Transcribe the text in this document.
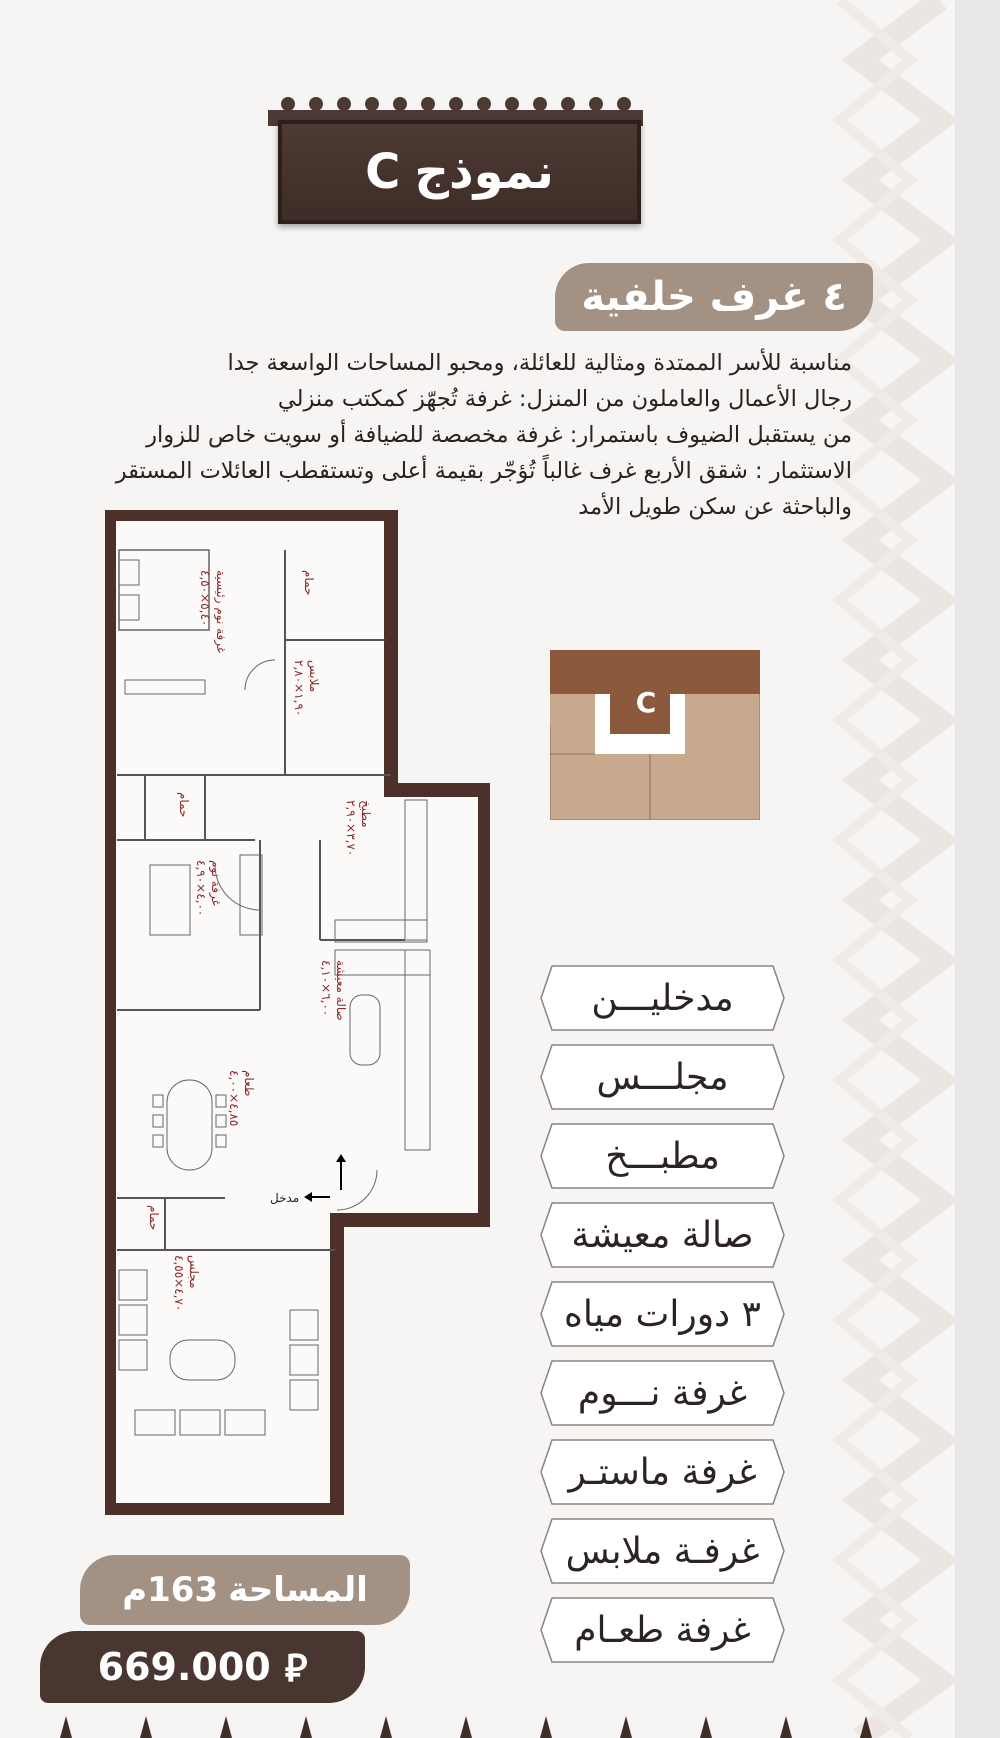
نموذج
C
٤ غرف خلفية

مناسبة للأسر الممتدة ومثالية للعائلة، ومحبو المساحات الواسعة جدا

رجال الأعمال والعاملون من المنزل: غرفة تُجهّز كمكتب منزلي

من يستقبل الضيوف باستمرار: غرفة مخصصة للضيافة أو سويت خاص للزوار

الاستثمار : شقق الأربع غرف غالباً تُؤجّر بقيمة أعلى وتستقطب العائلات المستقر

والباحثة عن سكن طويل الأمد

مدخل
غرفة نوم رئيسية
٥,٤٠×٤,٥٠
حمام
ملابس
١,٩٠×٢,٨٠
حمام
غرفة نوم
٤,٠٠×٤,٩٠
مطبخ
٣,٧٠×٢,٩٠
صالة معيشة
٦,٠٠×٤,١٠
طعام
٤,٨٥×٤,٠٠
حمام
مجلس
٤,٧٠×٤,٥٥
C
مدخليـــن
مجلـــس
مطبـــخ
صالة معيشة
٣ دورات مياه
غرفة نـــوم
غرفة ماستـر
غرفـة ملابس
غرفة طعـام
المساحة
163م
669.000 ⃁
